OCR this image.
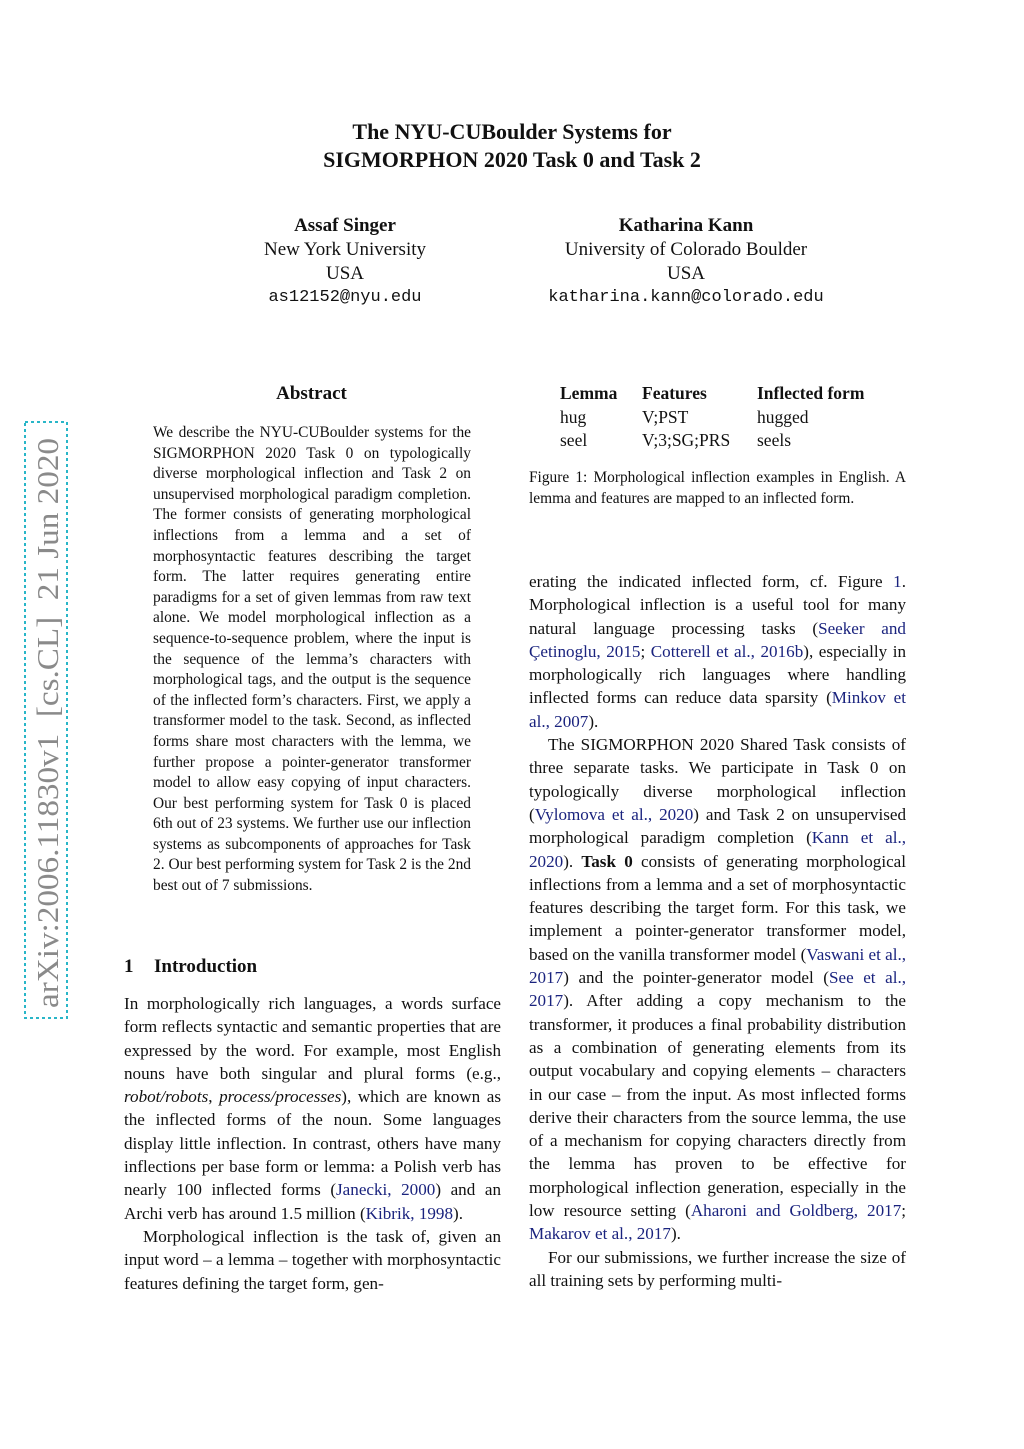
The NYU-CUBoulder Systems for
SIGMORPHON 2020 Task 0 and Task 2
Assaf Singer
New York University
USA
as12152@nyu.edu
Katharina Kann
University of Colorado Boulder
USA
katharina.kann@colorado.edu
arXiv:2006.11830v1  [cs.CL]  21 Jun 2020
Abstract
We describe the NYU-CUBoulder systems for the SIGMORPHON 2020 Task 0 on typologically diverse morphological inflection and Task 2 on unsupervised morphological paradigm completion. The former consists of generating morphological inflections from a lemma and a set of morphosyntactic features describing the target form. The latter requires generating entire paradigms for a set of given lemmas from raw text alone. We model morphological inflection as a sequence-to-sequence problem, where the input is the sequence of the lemma’s characters with morphological tags, and the output is the sequence of the inflected form’s characters. First, we apply a transformer model to the task. Second, as inflected forms share most characters with the lemma, we further propose a pointer-generator transformer model to allow easy copying of input characters. Our best performing system for Task 0 is placed 6th out of 23 systems. We further use our inflection systems as subcomponents of approaches for Task 2. Our best performing system for Task 2 is the 2nd best out of 7 submissions.
1 Introduction

In morphologically rich languages, a words surface form reflects syntactic and semantic properties that are expressed by the word. For example, most English nouns have both singular and plural forms (e.g., robot/robots, process/processes), which are known as the inflected forms of the noun. Some languages display little inflection. In contrast, others have many inflections per base form or lemma: a Polish verb has nearly 100 inflected forms (Janecki, 2000) and an Archi verb has around 1.5 million (Kibrik, 1998).

Morphological inflection is the task of, given an input word – a lemma – together with morphosyntactic features defining the target form, gen-

Lemma	Features	Inflected form
hug	V;PST	hugged
seel	V;3;SG;PRS	seels
Figure 1: Morphological inflection examples in English. A lemma and features are mapped to an inflected form.

erating the indicated inflected form, cf. Figure 1. Morphological inflection is a useful tool for many natural language processing tasks (Seeker and Çetinoglu, 2015; Cotterell et al., 2016b), especially in morphologically rich languages where handling inflected forms can reduce data sparsity (Minkov et al., 2007).

The SIGMORPHON 2020 Shared Task consists of three separate tasks. We participate in Task 0 on typologically diverse morphological inflection (Vylomova et al., 2020) and Task 2 on unsupervised morphological paradigm completion (Kann et al., 2020). Task 0 consists of generating morphological inflections from a lemma and a set of morphosyntactic features describing the target form. For this task, we implement a pointer-generator transformer model, based on the vanilla transformer model (Vaswani et al., 2017) and the pointer-generator model (See et al., 2017). After adding a copy mechanism to the transformer, it produces a final probability distribution as a combination of generating elements from its output vocabulary and copying elements – characters in our case – from the input. As most inflected forms derive their characters from the source lemma, the use of a mechanism for copying characters directly from the lemma has proven to be effective for morphological inflection generation, especially in the low resource setting (Aharoni and Goldberg, 2017; Makarov et al., 2017).

For our submissions, we further increase the size of all training sets by performing multi-
